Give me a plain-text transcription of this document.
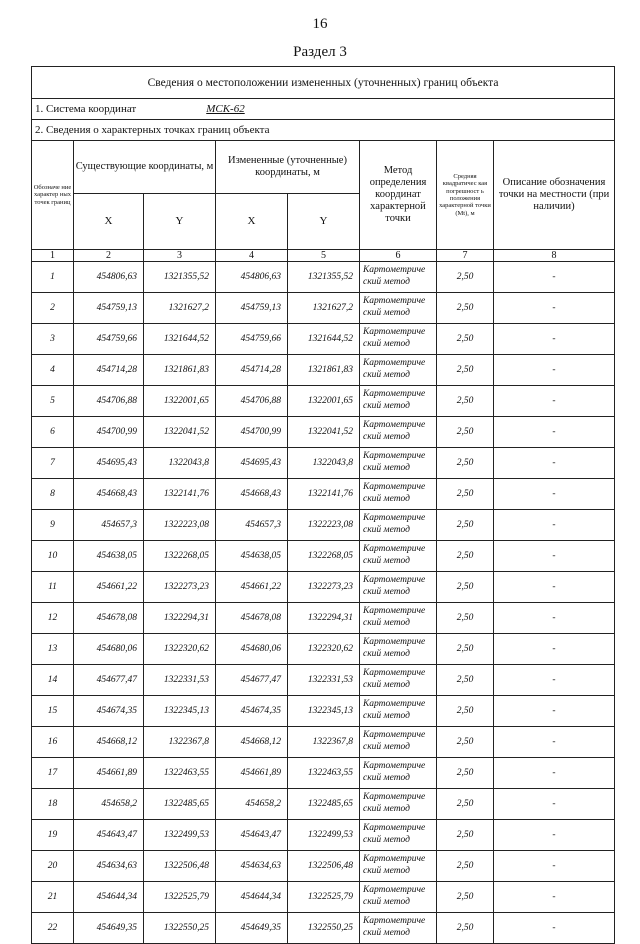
16
Раздел 3
Сведения о местоположении измененных (уточненных) границ объекта							
1. Система координат МСК-62							
2. Сведения о характерных точках границ объекта							
Обозначе ние характер ных точек границ	Существующие координаты, м		Измененные (уточненные) координаты, м		Метод определения координат характерной точки	Средняя квадратичес кая погрешност ь положения характерной точки (Mt), м	Описание обозначения точки на местности (при наличии)
	X	Y	X	Y			
1	2	3	4	5	6	7	8
1	454806,63	1321355,52	454806,63	1321355,52	Картометриче ский метод	2,50	-
2	454759,13	1321627,2	454759,13	1321627,2	Картометриче ский метод	2,50	-
3	454759,66	1321644,52	454759,66	1321644,52	Картометриче ский метод	2,50	-
4	454714,28	1321861,83	454714,28	1321861,83	Картометриче ский метод	2,50	-
5	454706,88	1322001,65	454706,88	1322001,65	Картометриче ский метод	2,50	-
6	454700,99	1322041,52	454700,99	1322041,52	Картометриче ский метод	2,50	-
7	454695,43	1322043,8	454695,43	1322043,8	Картометриче ский метод	2,50	-
8	454668,43	1322141,76	454668,43	1322141,76	Картометриче ский метод	2,50	-
9	454657,3	1322223,08	454657,3	1322223,08	Картометриче ский метод	2,50	-
10	454638,05	1322268,05	454638,05	1322268,05	Картометриче ский метод	2,50	-
11	454661,22	1322273,23	454661,22	1322273,23	Картометриче ский метод	2,50	-
12	454678,08	1322294,31	454678,08	1322294,31	Картометриче ский метод	2,50	-
13	454680,06	1322320,62	454680,06	1322320,62	Картометриче ский метод	2,50	-
14	454677,47	1322331,53	454677,47	1322331,53	Картометриче ский метод	2,50	-
15	454674,35	1322345,13	454674,35	1322345,13	Картометриче ский метод	2,50	-
16	454668,12	1322367,8	454668,12	1322367,8	Картометриче ский метод	2,50	-
17	454661,89	1322463,55	454661,89	1322463,55	Картометриче ский метод	2,50	-
18	454658,2	1322485,65	454658,2	1322485,65	Картометриче ский метод	2,50	-
19	454643,47	1322499,53	454643,47	1322499,53	Картометриче ский метод	2,50	-
20	454634,63	1322506,48	454634,63	1322506,48	Картометриче ский метод	2,50	-
21	454644,34	1322525,79	454644,34	1322525,79	Картометриче ский метод	2,50	-
22	454649,35	1322550,25	454649,35	1322550,25	Картометриче ский метод	2,50	-
